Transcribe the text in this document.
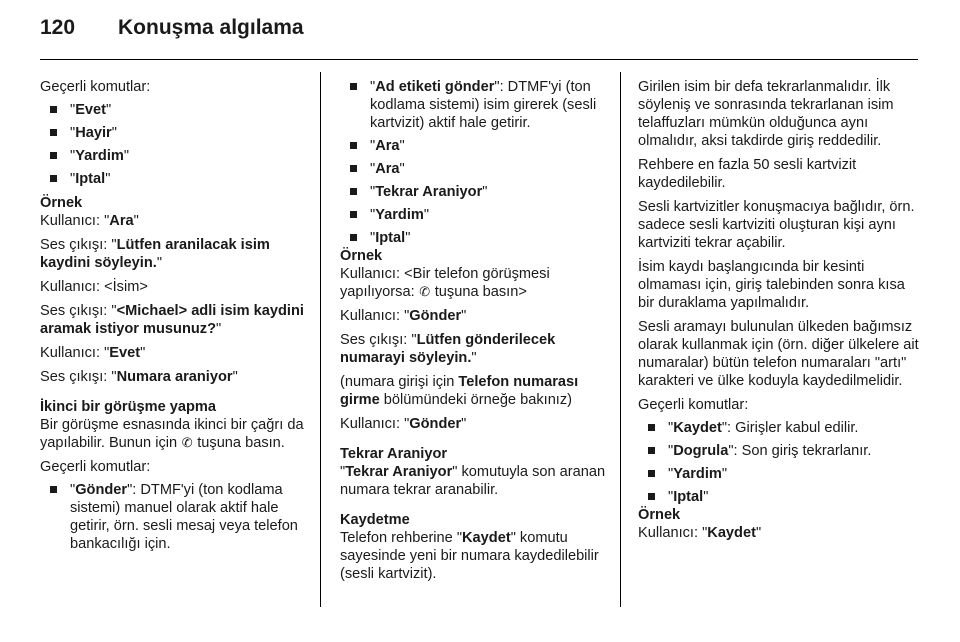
120	Konuşma algılama

Geçerli komutlar:

"Evet"
"Hayir"
"Yardim"
"Iptal"

Örnek

Kullanıcı: "Ara"

Ses çıkışı: "Lütfen aranilacak isim kaydini söyleyin."

Kullanıcı: <İsim>

Ses çıkışı: "<Michael> adli isim kaydini aramak istiyor musunuz?"

Kullanıcı: "Evet"

Ses çıkışı: "Numara araniyor"

İkinci bir görüşme yapma

Bir görüşme esnasında ikinci bir çağrı da yapılabilir. Bunun için ✆ tuşuna basın.

Geçerli komutlar:

"Gönder": DTMF'yi (ton kodlama sistemi) manuel olarak aktif hale getirir, örn. sesli mesaj veya telefon bankacılığı için.
"Ad etiketi gönder": DTMF'yi (ton kodlama sistemi) isim girerek (sesli kartvizit) aktif hale getirir.
"Ara"
"Ara"
"Tekrar Araniyor"
"Yardim"
"Iptal"

Örnek

Kullanıcı: <Bir telefon görüşmesi yapılıyorsa: ✆ tuşuna basın>

Kullanıcı: "Gönder"

Ses çıkışı: "Lütfen gönderilecek numarayi söyleyin."

(numara girişi için Telefon numarası girme bölümündeki örneğe bakınız)

Kullanıcı: "Gönder"

Tekrar Araniyor

"Tekrar Araniyor" komutuyla son aranan numara tekrar aranabilir.

Kaydetme

Telefon rehberine "Kaydet" komutu sayesinde yeni bir numara kaydedilebilir (sesli kartvizit).

Girilen isim bir defa tekrarlanmalıdır. İlk söyleniş ve sonrasında tekrarlanan isim telaffuzları mümkün olduğunca aynı olmalıdır, aksi takdirde giriş reddedilir.

Rehbere en fazla 50 sesli kartvizit kaydedilebilir.

Sesli kartvizitler konuşmacıya bağlıdır, örn. sadece sesli kartviziti oluşturan kişi aynı kartviziti tekrar açabilir.

İsim kaydı başlangıcında bir kesinti olmaması için, giriş talebinden sonra kısa bir duraklama yapılmalıdır.

Sesli aramayı bulunulan ülkeden bağımsız olarak kullanmak için (örn. diğer ülkelere ait numaralar) bütün telefon numaraları "artı" karakteri ve ülke koduyla kaydedilmelidir.

Geçerli komutlar:

"Kaydet": Girişler kabul edilir.
"Dogrula": Son giriş tekrarlanır.
"Yardim"
"Iptal"

Örnek

Kullanıcı: "Kaydet"
